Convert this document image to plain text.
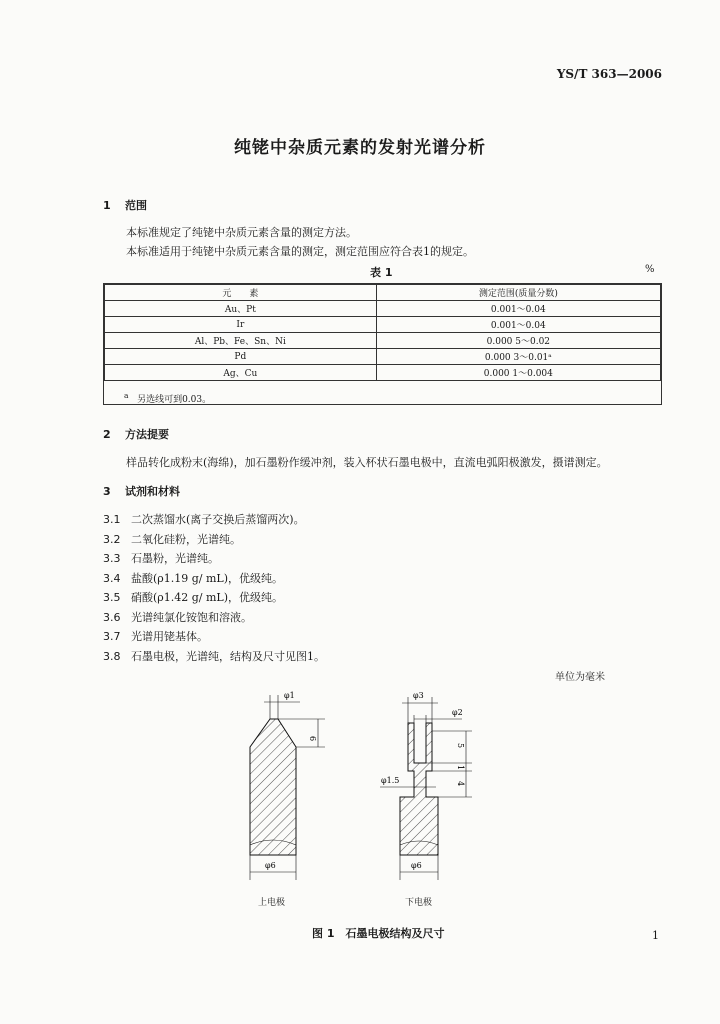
YS/T 363—2006
纯铑中杂质元素的发射光谱分析
1 范围
本标准规定了纯铑中杂质元素含量的测定方法。
本标准适用于纯铑中杂质元素含量的测定，测定范围应符合表1的规定。
表 1	%
元　　素	测定范围(质量分数)
Au、Pt	0.001～0.04
Ir	0.001～0.04
Al、Pb、Fe、Sn、Ni	0.000 5～0.02
Pd	0.000 3～0.01ᵃ
Ag、Cu	0.000 1～0.004
$^a$ 另选线可到0.03。
2 方法提要
样品转化成粉末(海绵)，加石墨粉作缓冲剂，装入杯状石墨电极中，直流电弧阳极激发，摄谱测定。
3 试剂和材料
3.1 二次蒸馏水(离子交换后蒸馏两次)。
3.2 二氧化硅粉，光谱纯。
3.3 石墨粉，光谱纯。
3.4 盐酸(ρ1.19 g/ mL)，优级纯。
3.5 硝酸(ρ1.42 g/ mL)，优级纯。
3.6 光谱纯氯化铵饱和溶液。
3.7 光谱用铑基体。
3.8 石墨电极，光谱纯，结构及尺寸见图1。
单位为毫米
φ1
6
φ6
φ3
φ2
5
1
4
φ1.5
φ6
上电极	下电极
图 1　石墨电极结构及尺寸	1
